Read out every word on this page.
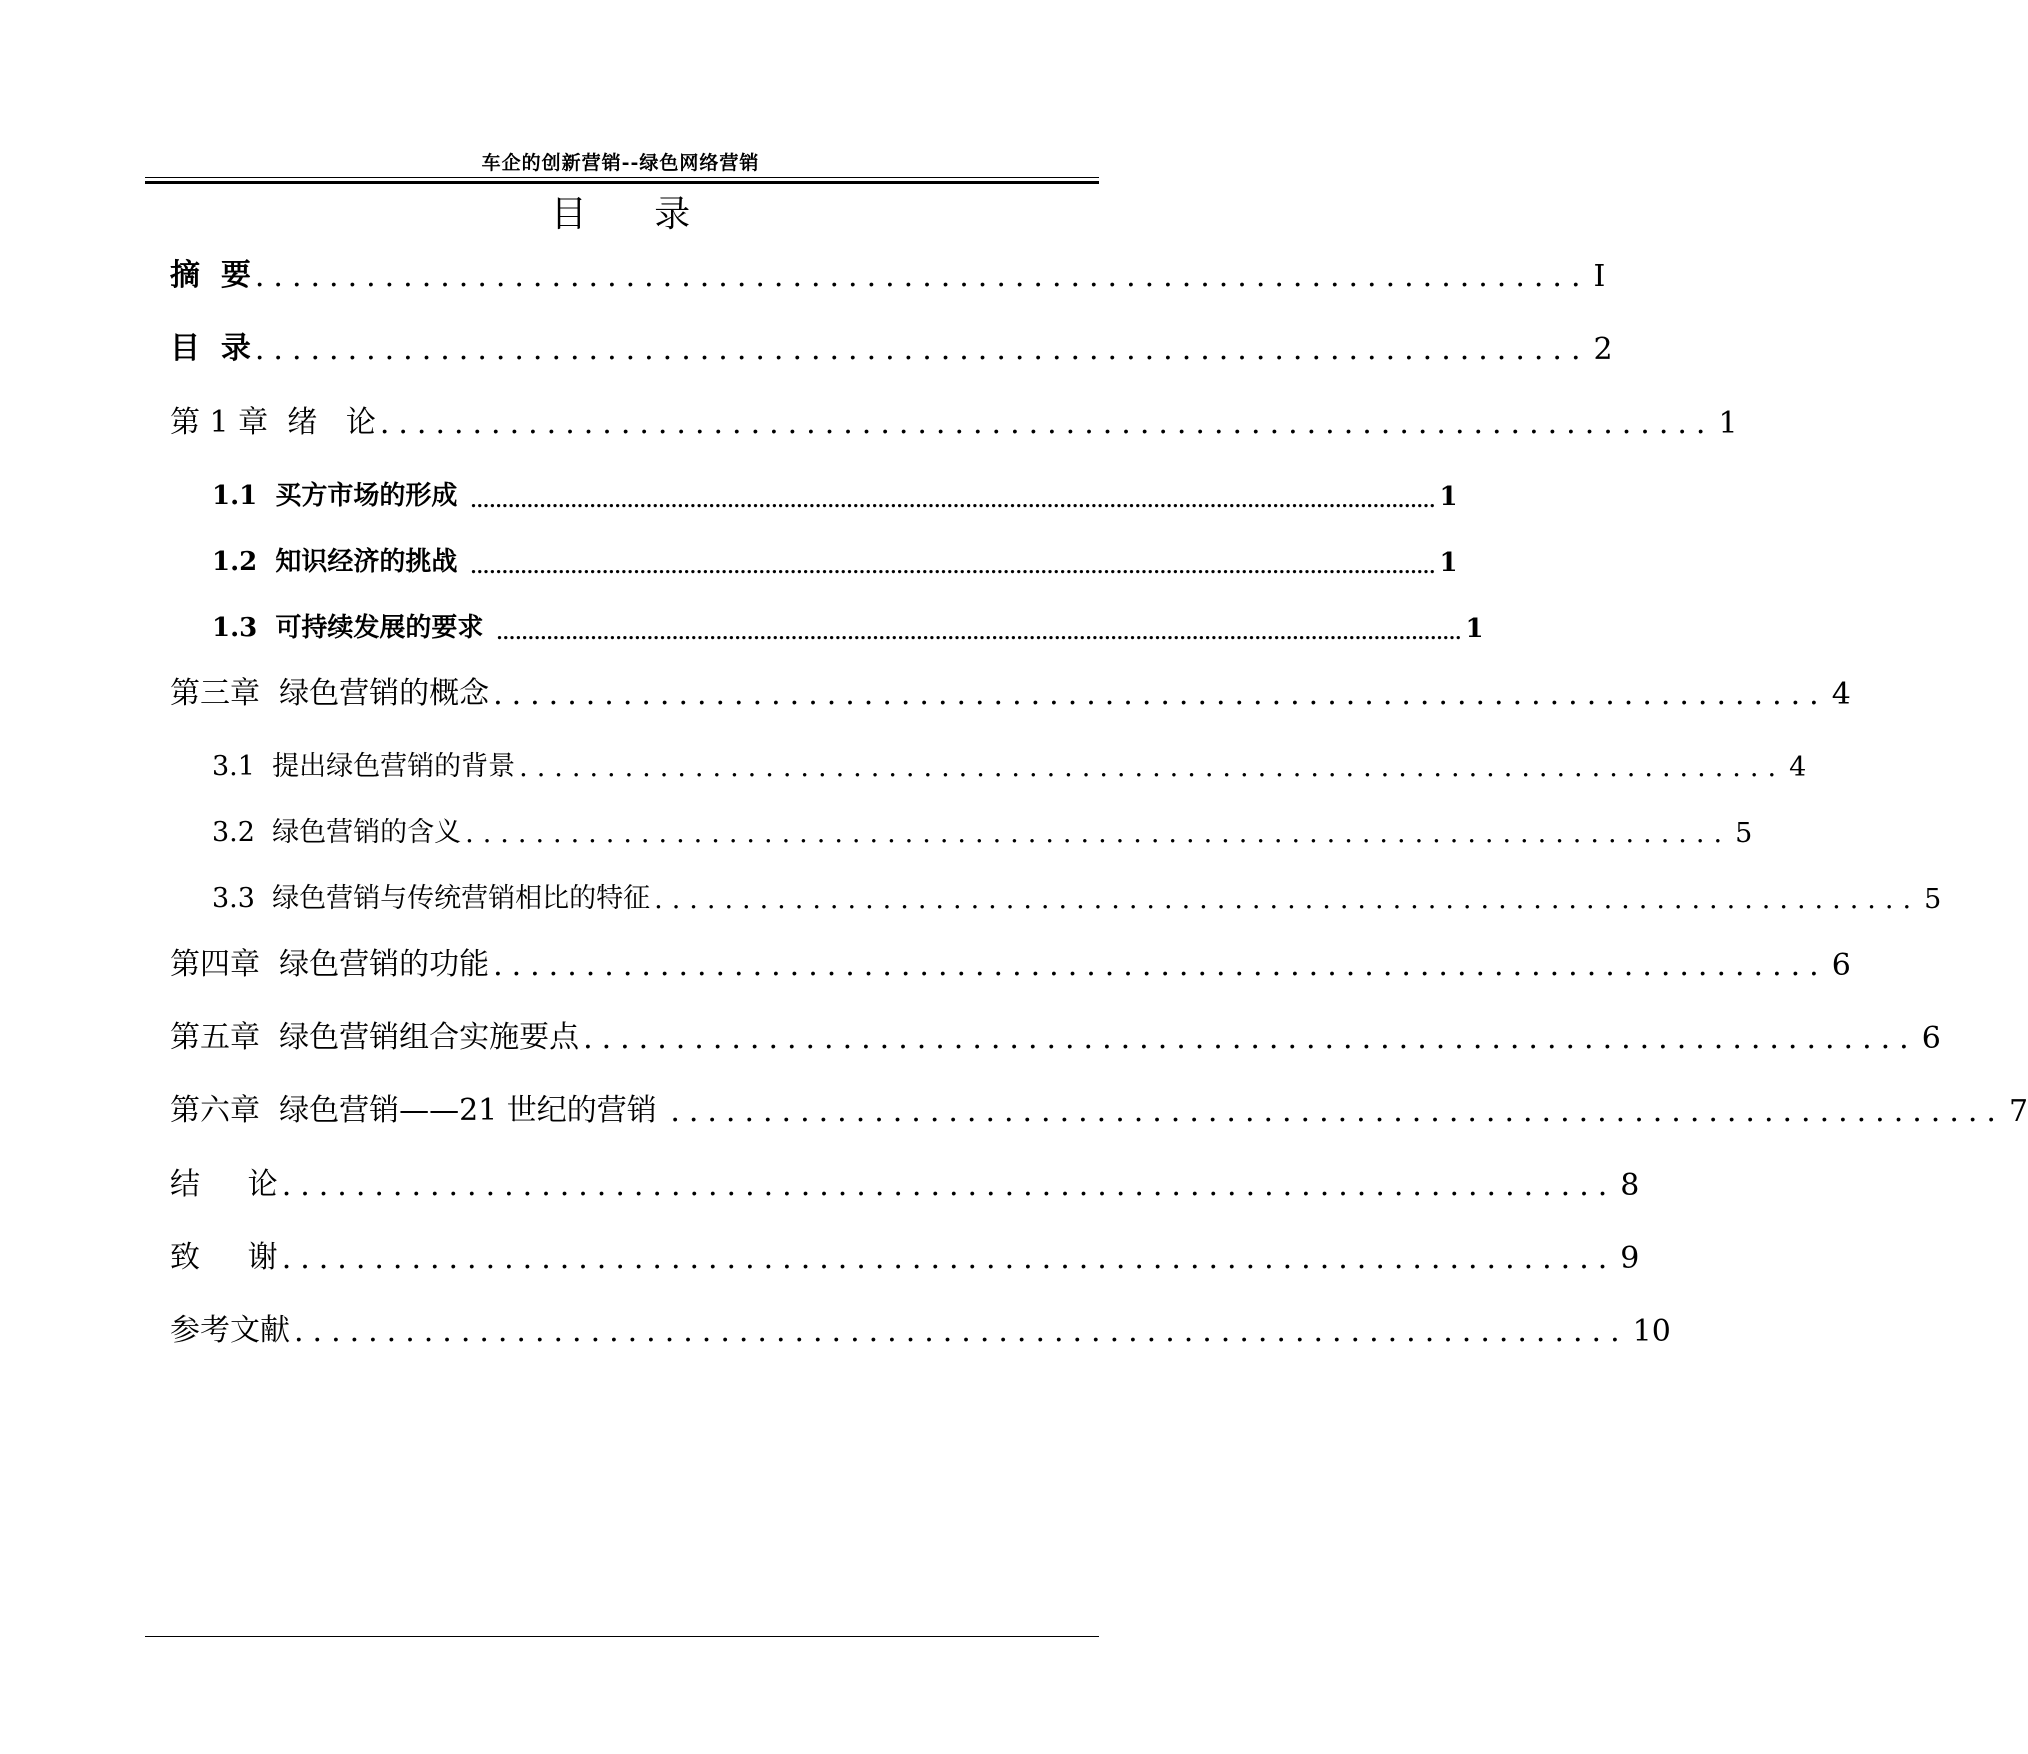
车企的创新营销--绿色网络营销
目 录
摘  要 ........................................................................ I
目  录 ........................................................................ 2
第 1 章  绪   论 ........................................................................ 1
1.1  买方市场的形成 .......................................................................................................................................................... 1
1.2  知识经济的挑战 .......................................................................................................................................................... 1
1.3  可持续发展的要求 .......................................................................................................................................................... 1
第三章  绿色营销的概念 ........................................................................ 4
3.1  提出绿色营销的背景 ........................................................................ 4
3.2  绿色营销的含义 ........................................................................ 5
3.3  绿色营销与传统营销相比的特征 ........................................................................ 5
第四章  绿色营销的功能 ........................................................................ 6
第五章  绿色营销组合实施要点 ........................................................................ 6
第六章  绿色营销——21 世纪的营销 ........................................................................ 7
结     论 ........................................................................ 8
致     谢 ........................................................................ 9
参考文献 ........................................................................ 10
